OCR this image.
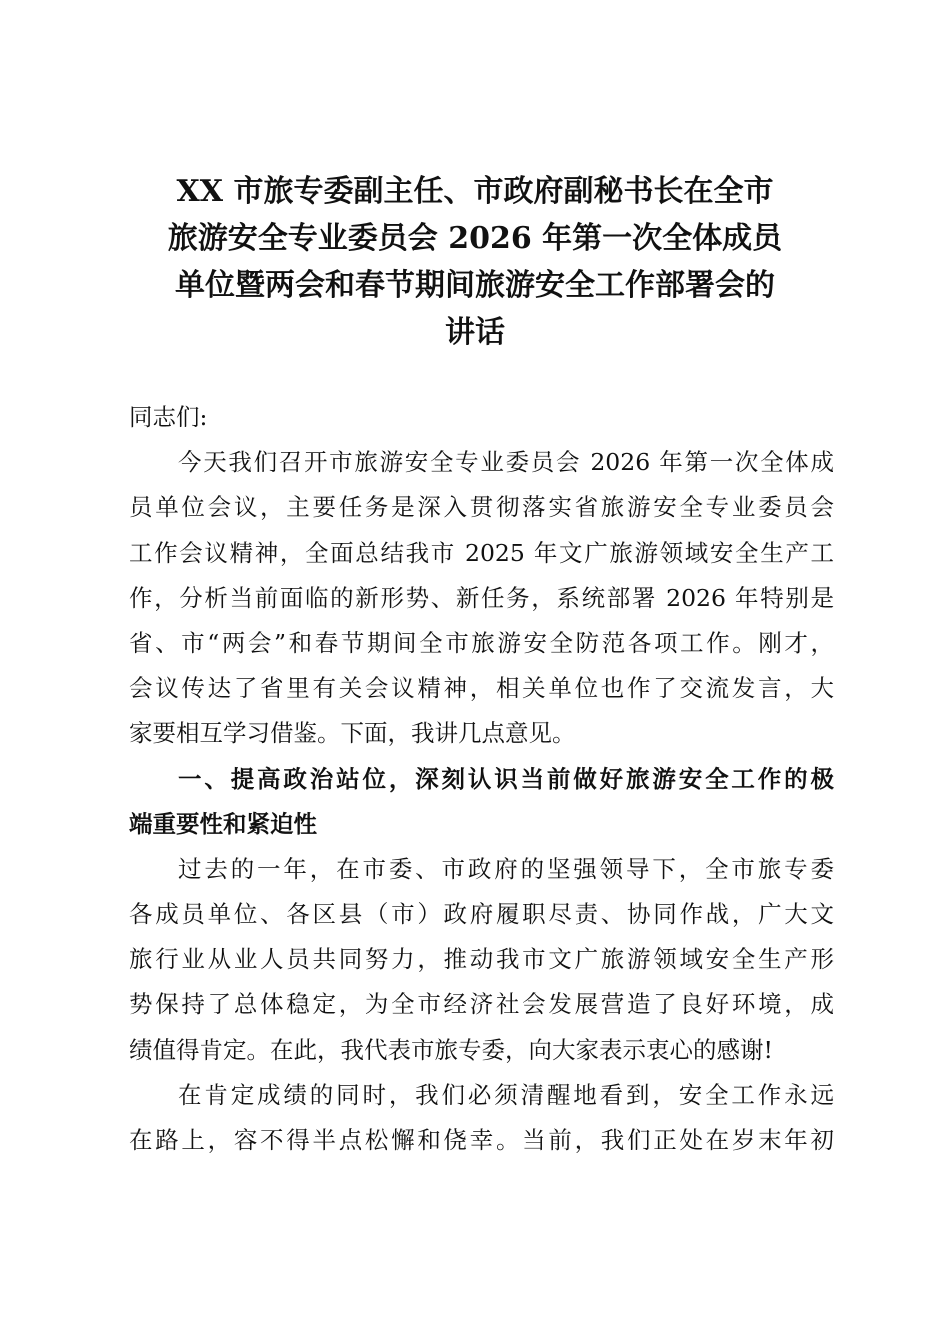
XX 市旅专委副主任、市政府副秘书长在全市
旅游安全专业委员会 2026 年第一次全体成员
单位暨两会和春节期间旅游安全工作部署会的
讲话

同志们:

今天我们召开市旅游安全专业委员会 2026 年第一次全体成
员单位会议，主要任务是深入贯彻落实省旅游安全专业委员会
工作会议精神，全面总结我市 2025 年文广旅游领域安全生产工
作，分析当前面临的新形势、新任务，系统部署 2026 年特别是
省、市“两会”和春节期间全市旅游安全防范各项工作。刚才，
会议传达了省里有关会议精神，相关单位也作了交流发言，大
家要相互学习借鉴。下面，我讲几点意见。

一、提高政治站位，深刻认识当前做好旅游安全工作的极
端重要性和紧迫性

过去的一年，在市委、市政府的坚强领导下，全市旅专委
各成员单位、各区县（市）政府履职尽责、协同作战，广大文
旅行业从业人员共同努力，推动我市文广旅游领域安全生产形
势保持了总体稳定，为全市经济社会发展营造了良好环境，成
绩值得肯定。在此，我代表市旅专委，向大家表示衷心的感谢!

在肯定成绩的同时，我们必须清醒地看到，安全工作永远
在路上，容不得半点松懈和侥幸。当前，我们正处在岁末年初
